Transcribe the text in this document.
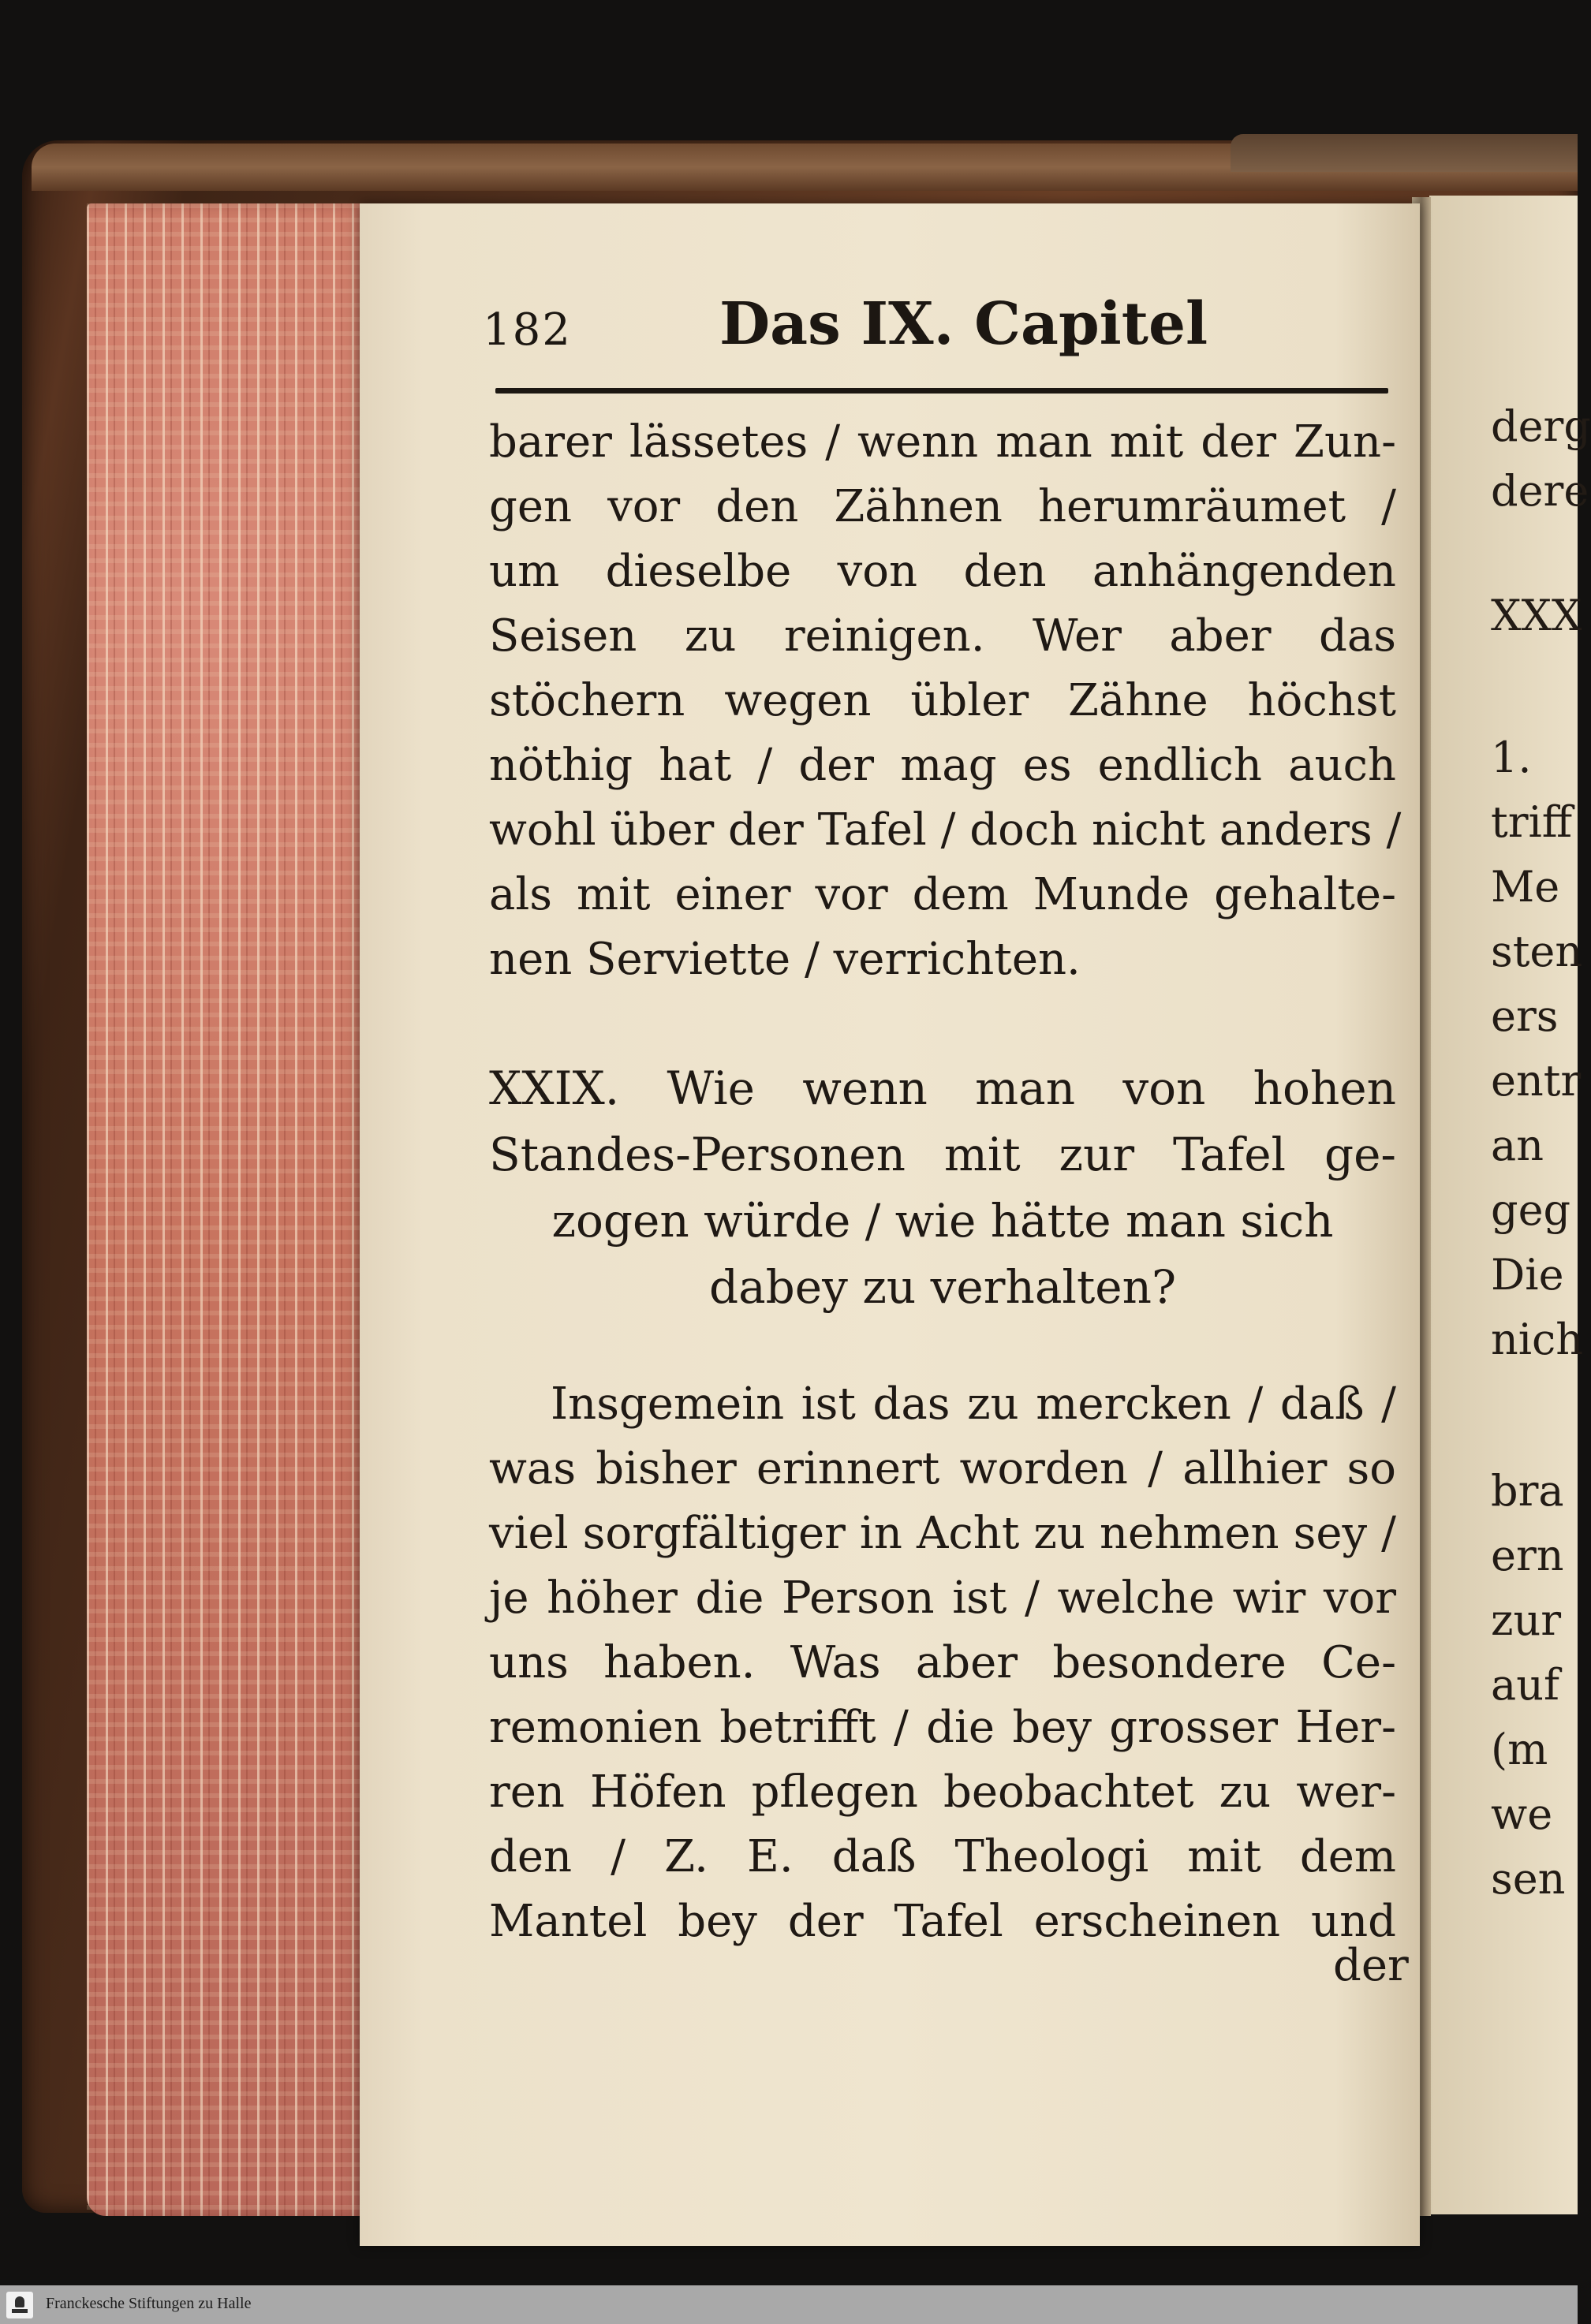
182	Das IX. Capitel
barer lässetes / wenn man mit der Zun-
gen vor den Zähnen herumräumet /
um dieselbe von den anhängenden
Seisen zu reinigen. Wer aber das
stöchern wegen übler Zähne höchst
nöthig hat / der mag es endlich auch
wohl über der Tafel / doch nicht anders /
als mit einer vor dem Munde gehalte-
nen Serviette / verrichten.
XXIX. Wie wenn man von hohen
Standes-Personen mit zur Tafel ge-
zogen würde / wie hätte man sich
dabey zu verhalten?
Insgemein ist das zu mercken / daß /
was bisher erinnert worden / allhier so
viel sorgfältiger in Acht zu nehmen sey /
je höher die Person ist / welche wir vor
uns haben. Was aber besondere Ce-
remonien betrifft / die bey grosser Her-
ren Höfen pflegen beobachtet zu wer-
den / Z. E. daß Theologi mit dem
Mantel bey der Tafel erscheinen und
der
derg
dere
XXX
1.
triff
Me
sten
ers
entr
an
geg
Die
nich
bra
ern
zur
auf
(m
we
sen
Franckesche Stiftungen zu Halle
